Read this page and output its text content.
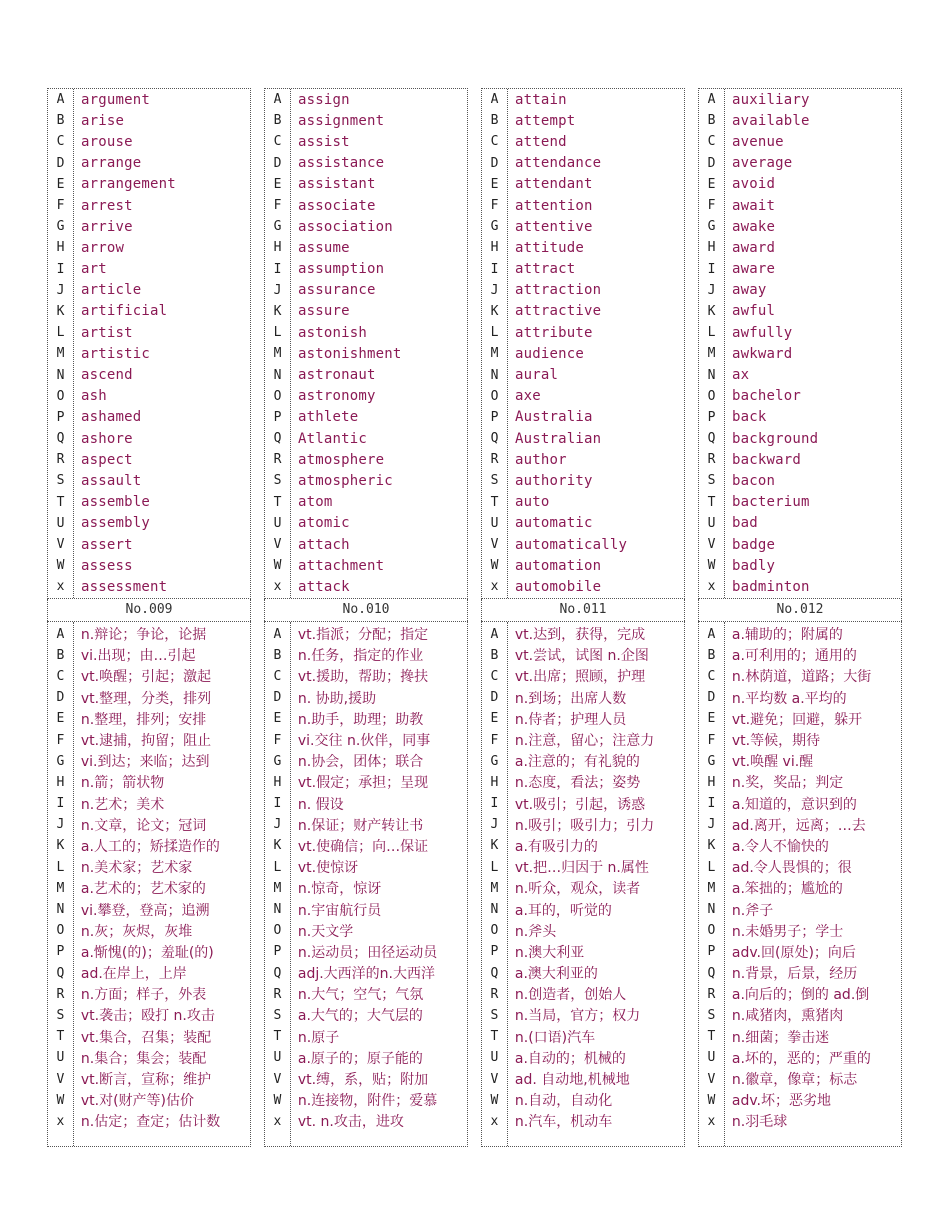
A	argument
B	arise
C	arouse
D	arrange
E	arrangement
F	arrest
G	arrive
H	arrow
I	art
J	article
K	artificial
L	artist
M	artistic
N	ascend
O	ash
P	ashamed
Q	ashore
R	aspect
S	assault
T	assemble
U	assembly
V	assert
W	assess
x	assessment
No.009
A	n.辩论；争论，论据
B	vi.出现；由…引起
C	vt.唤醒；引起；激起
D	vt.整理，分类，排列
E	n.整理，排列；安排
F	vt.逮捕，拘留；阻止
G	vi.到达；来临；达到
H	n.箭；箭状物
I	n.艺术；美术
J	n.文章，论文；冠词
K	a.人工的；矫揉造作的
L	n.美术家；艺术家
M	a.艺术的；艺术家的
N	vi.攀登，登高；追溯
O	n.灰；灰烬，灰堆
P	a.惭愧(的)；羞耻(的)
Q	ad.在岸上，上岸
R	n.方面；样子，外表
S	vt.袭击；殴打 n.攻击
T	vt.集合，召集；装配
U	n.集合；集会；装配
V	vt.断言，宣称；维护
W	vt.对(财产等)估价
x	n.估定；查定；估计数
A	assign
B	assignment
C	assist
D	assistance
E	assistant
F	associate
G	association
H	assume
I	assumption
J	assurance
K	assure
L	astonish
M	astonishment
N	astronaut
O	astronomy
P	athlete
Q	Atlantic
R	atmosphere
S	atmospheric
T	atom
U	atomic
V	attach
W	attachment
x	attack
No.010
A	vt.指派；分配；指定
B	n.任务，指定的作业
C	vt.援助，帮助；搀扶
D	n. 协助,援助
E	n.助手，助理；助教
F	vi.交往 n.伙伴，同事
G	n.协会，团体；联合
H	vt.假定；承担；呈现
I	n. 假设
J	n.保证；财产转让书
K	vt.使确信；向…保证
L	vt.使惊讶
M	n.惊奇，惊讶
N	n.宇宙航行员
O	n.天文学
P	n.运动员；田径运动员
Q	adj.大西洋的n.大西洋
R	n.大气；空气；气氛
S	a.大气的；大气层的
T	n.原子
U	a.原子的；原子能的
V	vt.缚，系，贴；附加
W	n.连接物，附件；爱慕
x	vt. n.攻击，进攻
A	attain
B	attempt
C	attend
D	attendance
E	attendant
F	attention
G	attentive
H	attitude
I	attract
J	attraction
K	attractive
L	attribute
M	audience
N	aural
O	axe
P	Australia
Q	Australian
R	author
S	authority
T	auto
U	automatic
V	automatically
W	automation
x	automobile
No.011
A	vt.达到，获得，完成
B	vt.尝试，试图 n.企图
C	vt.出席；照顾，护理
D	n.到场；出席人数
E	n.侍者；护理人员
F	n.注意，留心；注意力
G	a.注意的；有礼貌的
H	n.态度，看法；姿势
I	vt.吸引；引起，诱惑
J	n.吸引；吸引力；引力
K	a.有吸引力的
L	vt.把…归因于 n.属性
M	n.听众，观众，读者
N	a.耳的，听觉的
O	n.斧头
P	n.澳大利亚
Q	a.澳大利亚的
R	n.创造者，创始人
S	n.当局，官方；权力
T	n.(口语)汽车
U	a.自动的；机械的
V	ad. 自动地,机械地
W	n.自动，自动化
x	n.汽车，机动车
A	auxiliary
B	available
C	avenue
D	average
E	avoid
F	await
G	awake
H	award
I	aware
J	away
K	awful
L	awfully
M	awkward
N	ax
O	bachelor
P	back
Q	background
R	backward
S	bacon
T	bacterium
U	bad
V	badge
W	badly
x	badminton
No.012
A	a.辅助的；附属的
B	a.可利用的；通用的
C	n.林荫道，道路；大街
D	n.平均数 a.平均的
E	vt.避免；回避，躲开
F	vt.等候，期待
G	vt.唤醒 vi.醒
H	n.奖，奖品；判定
I	a.知道的，意识到的
J	ad.离开，远离；…去
K	a.令人不愉快的
L	ad.令人畏惧的；很
M	a.笨拙的；尴尬的
N	n.斧子
O	n.未婚男子；学士
P	adv.回(原处)；向后
Q	n.背景，后景，经历
R	a.向后的；倒的 ad.倒
S	n.咸猪肉，熏猪肉
T	n.细菌；拳击迷
U	a.坏的，恶的；严重的
V	n.徽章，像章；标志
W	adv.坏；恶劣地
x	n.羽毛球
